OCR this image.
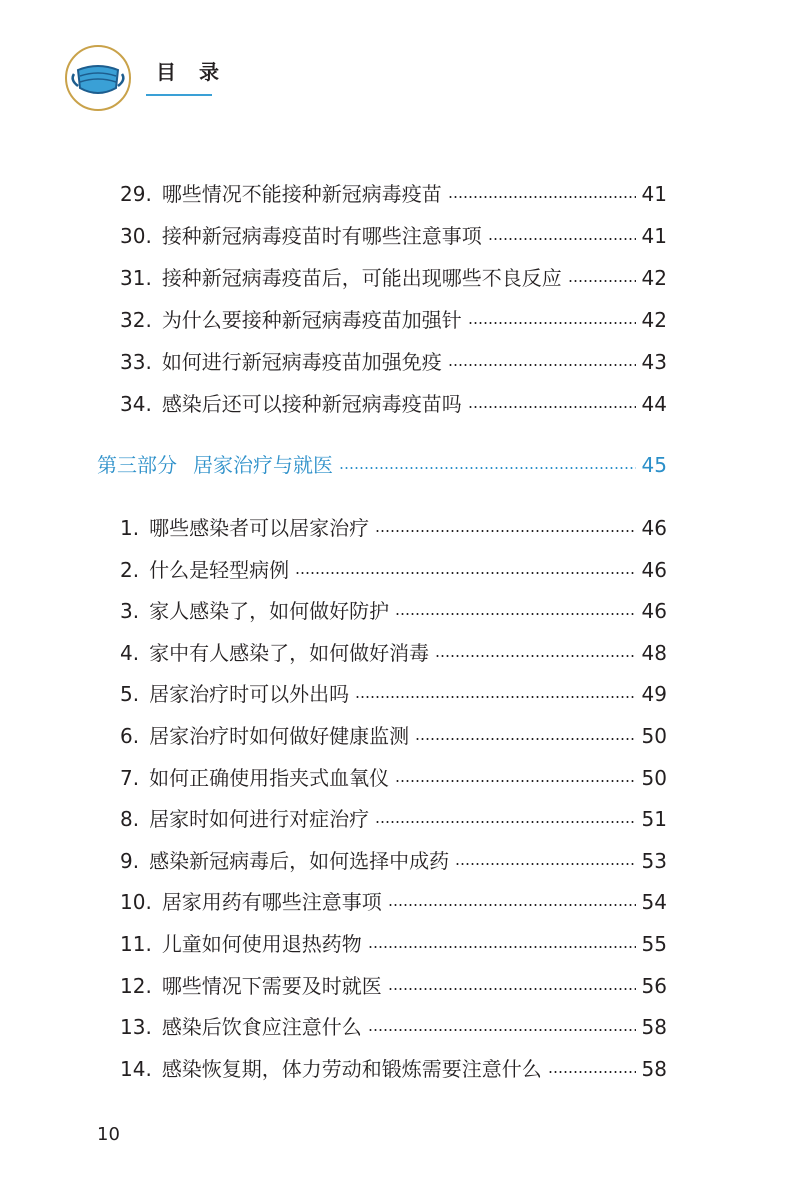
目 录
29. 哪些情况不能接种新冠病毒疫苗	41
30. 接种新冠病毒疫苗时有哪些注意事项	41
31. 接种新冠病毒疫苗后，可能出现哪些不良反应	42
32. 为什么要接种新冠病毒疫苗加强针	42
33. 如何进行新冠病毒疫苗加强免疫	43
34. 感染后还可以接种新冠病毒疫苗吗	44
第三部分 居家治疗与就医	45
1. 哪些感染者可以居家治疗	46
2. 什么是轻型病例	46
3. 家人感染了，如何做好防护	46
4. 家中有人感染了，如何做好消毒	48
5. 居家治疗时可以外出吗	49
6. 居家治疗时如何做好健康监测	50
7. 如何正确使用指夹式血氧仪	50
8. 居家时如何进行对症治疗	51
9. 感染新冠病毒后，如何选择中成药	53
10. 居家用药有哪些注意事项	54
11. 儿童如何使用退热药物	55
12. 哪些情况下需要及时就医	56
13. 感染后饮食应注意什么	58
14. 感染恢复期，体力劳动和锻炼需要注意什么	58
10
